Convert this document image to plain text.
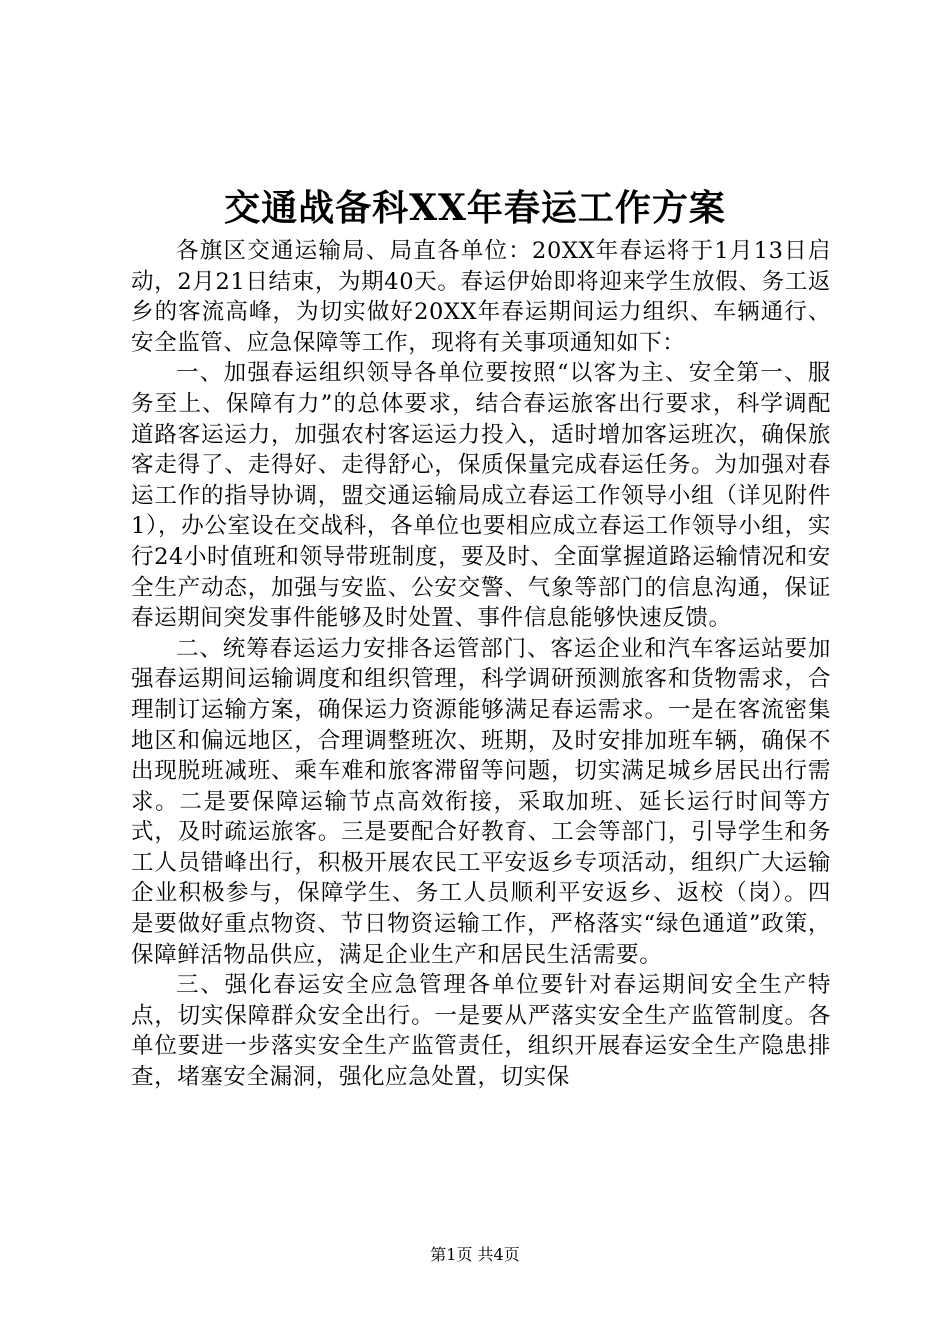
交通战备科XX年春运工作方案

各旗区交通运输局、局直各单位：20XX年春运将于1月13日启动，2月21日结束，为期40天。春运伊始即将迎来学生放假、务工返乡的客流高峰，为切实做好20XX年春运期间运力组织、车辆通行、安全监管、应急保障等工作，现将有关事项通知如下：

一、加强春运组织领导各单位要按照“以客为主、安全第一、服务至上、保障有力”的总体要求，结合春运旅客出行要求，科学调配道路客运运力，加强农村客运运力投入，适时增加客运班次，确保旅客走得了、走得好、走得舒心，保质保量完成春运任务。为加强对春运工作的指导协调，盟交通运输局成立春运工作领导小组（详见附件1），办公室设在交战科，各单位也要相应成立春运工作领导小组，实行24小时值班和领导带班制度，要及时、全面掌握道路运输情况和安全生产动态，加强与安监、公安交警、气象等部门的信息沟通，保证春运期间突发事件能够及时处置、事件信息能够快速反馈。

二、统筹春运运力安排各运管部门、客运企业和汽车客运站要加强春运期间运输调度和组织管理，科学调研预测旅客和货物需求，合理制订运输方案，确保运力资源能够满足春运需求。一是在客流密集地区和偏远地区，合理调整班次、班期，及时安排加班车辆，确保不出现脱班减班、乘车难和旅客滞留等问题，切实满足城乡居民出行需求。二是要保障运输节点高效衔接，采取加班、延长运行时间等方式，及时疏运旅客。三是要配合好教育、工会等部门，引导学生和务工人员错峰出行，积极开展农民工平安返乡专项活动，组织广大运输企业积极参与，保障学生、务工人员顺利平安返乡、返校（岗）。四是要做好重点物资、节日物资运输工作，严格落实“绿色通道”政策，保障鲜活物品供应，满足企业生产和居民生活需要。

三、强化春运安全应急管理各单位要针对春运期间安全生产特点，切实保障群众安全出行。一是要从严落实安全生产监管制度。各单位要进一步落实安全生产监管责任，组织开展春运安全生产隐患排查，堵塞安全漏洞，强化应急处置，切实保

第1页 共4页
